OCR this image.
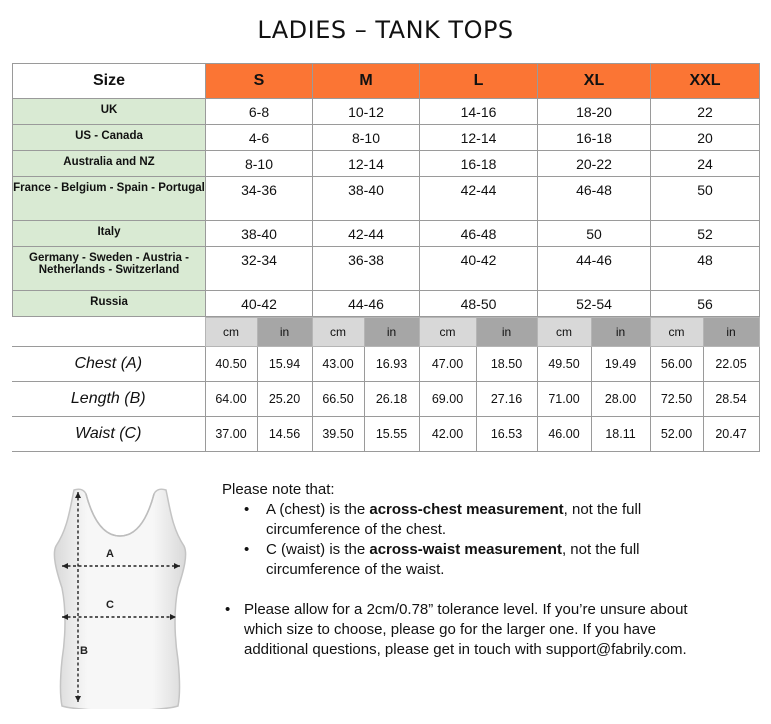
LADIES – TANK TOPS
Size	S	M	L	XL	XXL
UK	6-8	10-12	14-16	18-20	22
US - Canada	4-6	8-10	12-14	16-18	20
Australia and NZ	8-10	12-14	16-18	20-22	24
France - Belgium - Spain - Portugal	34-36	38-40	42-44	46-48	50
Italy	38-40	42-44	46-48	50	52
Germany - Sweden - Austria - Netherlands - Switzerland	32-34	36-38	40-42	44-46	48
Russia	40-42	44-46	48-50	52-54	56
	cm	in	cm	in	cm	in	cm	in	cm	in
Chest (A)	40.50	15.94	43.00	16.93	47.00	18.50	49.50	19.49	56.00	22.05
Length (B)	64.00	25.20	66.50	26.18	69.00	27.16	71.00	28.00	72.50	28.54
Waist (C)	37.00	14.56	39.50	15.55	42.00	16.53	46.00	18.11	52.00	20.47
A
C
B
Please note that:
• A (chest) is the across-chest measurement, not the full
circumference of the chest.
• C (waist) is the across-waist measurement, not the full
circumference of the waist.
• Please allow for a 2cm/0.78” tolerance level. If you’re unsure about
which size to choose, please go for the larger one. If you have
additional questions, please get in touch with support@fabrily.com.
